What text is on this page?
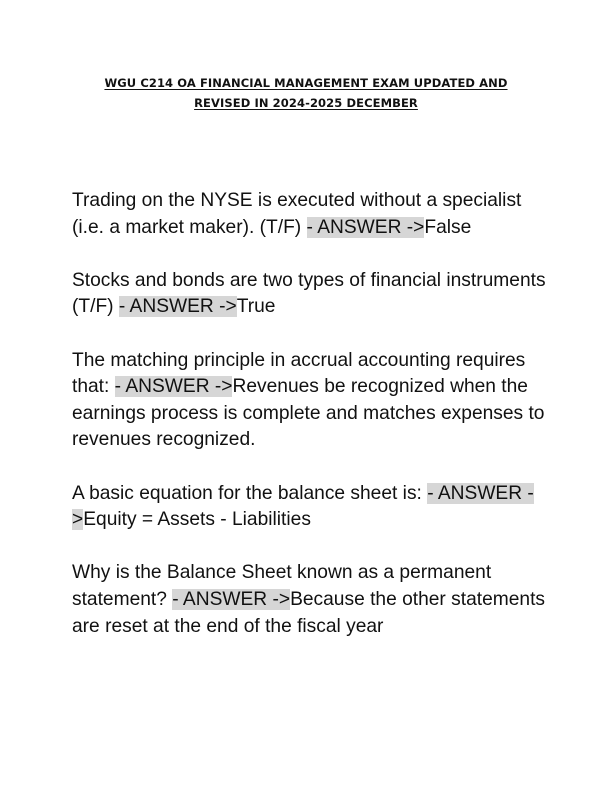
WGU C214 OA FINANCIAL MANAGEMENT EXAM UPDATED AND
REVISED IN 2024-2025 DECEMBER

Trading on the NYSE is executed without a specialist (i.e. a market maker). (T/F) - ANSWER ->False

Stocks and bonds are two types of financial instruments (T/F) - ANSWER ->True

The matching principle in accrual accounting requires that: - ANSWER ->Revenues be recognized when the earnings process is complete and matches expenses to revenues recognized.

A basic equation for the balance sheet is: - ANSWER ->Equity = Assets - Liabilities

Why is the Balance Sheet known as a permanent statement? - ANSWER ->Because the other statements are reset at the end of the fiscal year
